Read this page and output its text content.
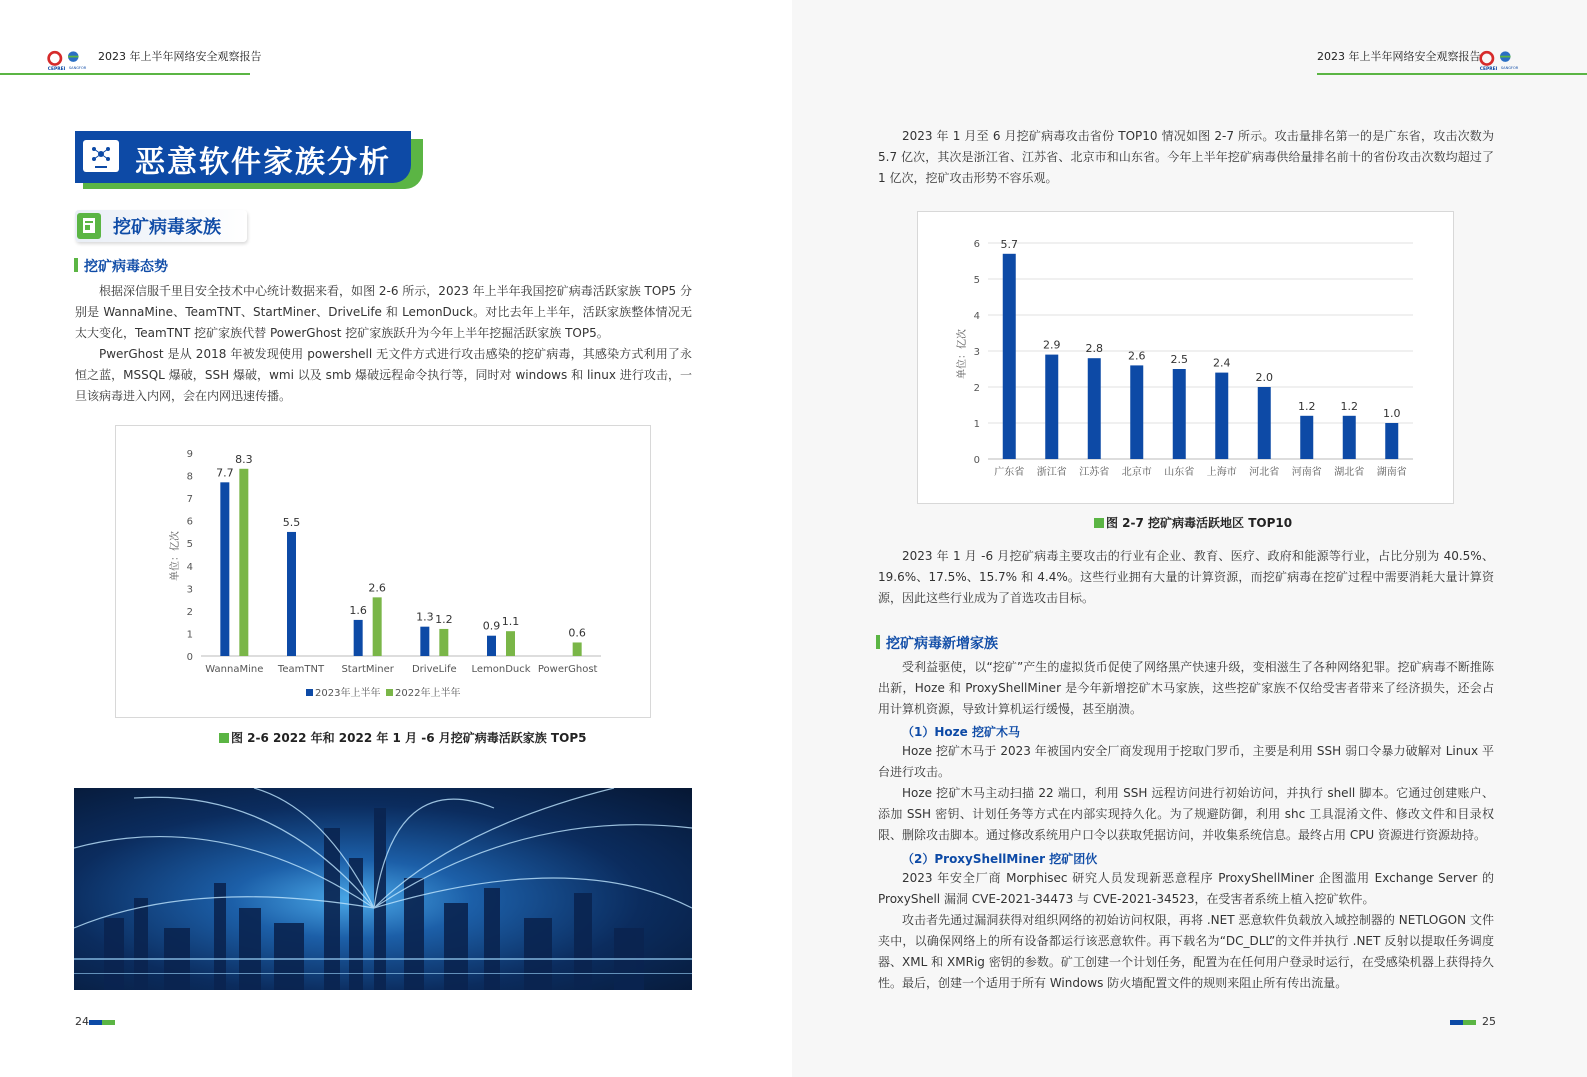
CEPREI SANGFOR
2023 年上半年网络安全观察报告
恶意软件家族分析
挖矿病毒家族
挖矿病毒态势
根据深信服千里目安全技术中心统计数据来看，如图 2-6 所示，2023 年上半年我国挖矿病毒活跃家族 TOP5 分别是 WannaMine、TeamTNT、StartMiner、DriveLife 和 LemonDuck。对比去年上半年，活跃家族整体情况无太大变化，TeamTNT 挖矿家族代替 PowerGhost 挖矿家族跃升为今年上半年挖掘活跃家族 TOP5。
PwerGhost 是从 2018 年被发现使用 powershell 无文件方式进行攻击感染的挖矿病毒，其感染方式利用了永恒之蓝，MSSQL 爆破，SSH 爆破，wmi 以及 smb 爆破远程命令执行等，同时对 windows 和 linux 进行攻击，一旦该病毒进入内网，会在内网迅速传播。
单位：亿次
0
1
2
3
4
5
6
7
8
9
WannaMine TeamTNT StartMiner DriveLife LemonDuck PowerGhost
7.7
8.3
5.5
1.6
2.6
1.3 1.2
0.9 1.1
0.6
2023年上半年 2022年上半年
图 2-6 2022 年和 2022 年 1 月 -6 月挖矿病毒活跃家族 TOP5
24
2023 年上半年网络安全观察报告
CEPREI SANGFOR
2023 年 1 月至 6 月挖矿病毒攻击省份 TOP10 情况如图 2-7 所示。攻击量排名第一的是广东省，攻击次数为 5.7 亿次，其次是浙江省、江苏省、北京市和山东省。今年上半年挖矿病毒供给量排名前十的省份攻击次数均超过了 1 亿次，挖矿攻击形势不容乐观。
单位：亿次
0
1
2
3
4
5
6
广东省 浙江省 江苏省 北京市 山东省 上海市 河北省 河南省 湖北省 湖南省
5.7
2.9 2.8
2.6 2.5 2.4
2.0
1.2 1.2
1.0
图 2-7 挖矿病毒活跃地区 TOP10
2023 年 1 月 -6 月挖矿病毒主要攻击的行业有企业、教育、医疗、政府和能源等行业，占比分别为 40.5%、19.6%、17.5%、15.7% 和 4.4%。这些行业拥有大量的计算资源，而挖矿病毒在挖矿过程中需要消耗大量计算资源，因此这些行业成为了首选攻击目标。
挖矿病毒新增家族
受利益驱使，以“挖矿”产生的虚拟货币促使了网络黑产快速升级，变相滋生了各种网络犯罪。挖矿病毒不断推陈出新，Hoze 和 ProxyShellMiner 是今年新增挖矿木马家族，这些挖矿家族不仅给受害者带来了经济损失，还会占用计算机资源，导致计算机运行缓慢，甚至崩溃。
（1）Hoze 挖矿木马
Hoze 挖矿木马于 2023 年被国内安全厂商发现用于挖取门罗币，主要是利用 SSH 弱口令暴力破解对 Linux 平台进行攻击。
Hoze 挖矿木马主动扫描 22 端口，利用 SSH 远程访问进行初始访问，并执行 shell 脚本。它通过创建账户、添加 SSH 密钥、计划任务等方式在内部实现持久化。为了规避防御，利用 shc 工具混淆文件、修改文件和目录权限、删除攻击脚本。通过修改系统用户口令以获取凭据访问，并收集系统信息。最终占用 CPU 资源进行资源劫持。
（2）ProxyShellMiner 挖矿团伙
2023 年安全厂商 Morphisec 研究人员发现新恶意程序 ProxyShellMiner 企图滥用 Exchange Server 的 ProxyShell 漏洞 CVE-2021-34473 与 CVE-2021-34523，在受害者系统上植入挖矿软件。
攻击者先通过漏洞获得对组织网络的初始访问权限，再将 .NET 恶意软件负载放入域控制器的 NETLOGON 文件夹中，以确保网络上的所有设备都运行该恶意软件。再下载名为“DC_DLL”的文件并执行 .NET 反射以提取任务调度器、XML 和 XMRig 密钥的参数。矿工创建一个计划任务，配置为在任何用户登录时运行，在受感染机器上获得持久性。最后，创建一个适用于所有 Windows 防火墙配置文件的规则来阻止所有传出流量。
25
